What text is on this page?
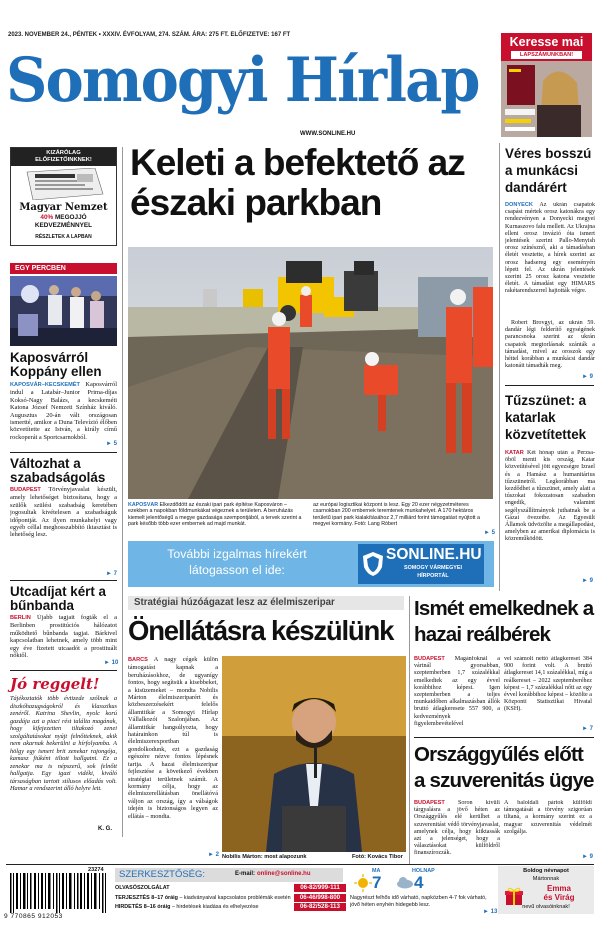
2023. NOVEMBER 24., PÉNTEK • XXXIV. ÉVFOLYAM, 274. SZÁM. ÁRA: 275 FT. ELŐFIZETVE: 167 FT
Somogyi Hírlap
WWW.SONLINE.HU
Keresse mai
LAPSZÁMUNKBAN!
KIZÁRÓLAG
ELŐFIZETŐINKNEK!
Magyar Nemzet
40% MEGOJJÓ
KEDVEZMÉNNYEL
RÉSZLETEK A LAPBAN
EGY PERCBEN
Kaposvárról Koppány ellen
KAPOSVÁR–KECSKEMÉT Kaposvárról indul a Latabár–Junior Prima-díjas Koksó-Nagy Balázs, a kecskeméti Katona József Nemzeti Színház kiváló. Augusztus 20-án vált országosan ismertté, amikor a Duna Televízió élőben közvetítette az István, a király című rockoperát a Sportcsarnokból.
► 5
Változhat a szabadságolás
BUDAPEST Törvényjavaslat készült, amely lehetőséget biztosítana, hogy a szülők szülési szabadság keretében jogosultak kivételesen a szabadságuk időpontját. Az ilyen munkahelyi vagy egyéb céllal meghosszabbító iktasztást is lehetőség lesz.
► 7
Utcadíjat kért a bűnbanda
BERLIN Újabb tagjait fogták el a Berlinben prostitúciós hálózatot működtető bűnbanda tagjai. Bárkivel kapcsolatban lehetnek, amely több mint egy éve fizetett utcaadót a prostituált nőktől.
► 10
Jó reggelt!
Tájékoztatók több évtizede szólnak a diszkóhazugságokról és klasszikus zenéről. Katrina Shevlin, nyolc korú gazdája azt a piaci rést találta magának, hogy kifejezetten tiltakozó zenei szolgáltatásokat nyújt felnőtteknek, akik nem akarnak bekerülni a hírfolyamba. A hölgy egy ismert brit zenekar rajongója, kamasz fiúként tiltott hallgatni. Ez a zenekar ma is népszerű, sok felnőtt hallgatja. Egy igazi vidéki, kiváló társaságban tartott stílusos előadás volt. Hamar a rendszerint álló helyre lett.
K. G.
Keleti a befektető az északi parkban
KAPOSVÁR Elkezdődött az északi ipari park építése Kaposváron – ezekben a napokban földmunkákat végeznek a területen. A beruházás kiemelt jelentőségű a megye gazdasága szempontjából, a tervek szerint a park később több ezer embernek ad majd munkát.
az európai logisztikai központ is lesz. Egy 20 ezer négyzetméteres csarnokban 200 embernek teremtenek munkahelyet. A 170 hektáros területű ipari park kialakításához 2,7 milliárd forint támogatást nyújtott a megyei kormány. Fotó: Lang Róbert
► 5
További izgalmas hírekért
látogasson el ide:
SONLINE.HU
SOMOGY VÁRMEGYEI
HÍRPORTÁL
Stratégiai húzóágazat lesz az élelmiszeripar
Önellátásra készülünk
BARCS A nagy cégek külön támogatást kapnak a beruházásokhoz, de ugyanígy fontos, hogy segítsük a kisebbeket, a kisüzemeket – mondta Nobilis Márton élelmiszeriparért és közbeszerzésekért felelős államtitkár a Somogyi Hírlap Vállalkozói Szalonjában. Az államtitkár hangsúlyozta, hogy határainkon túl is élelmiszerexportban gondolkodunk, ezt a gazdaság egészére nézve fontos lépésnek tartja. A hazai élelmiszeripar fejlesztése a következő években stratégiai területnek számít. A kormány célja, hogy az élelmiszerellátásban önellátóvá váljon az ország, így a válságok idején is biztonságos legyen az ellátás – mondta.
► 2 Nobilis Márton: most alapozunk	Fotó: Kovács Tibor
Ismét emelkednek a hazai reálbérek
BUDAPEST Magánfoknál a vártnál gyorsabban, szeptemberben 1,7 százalékkal emelkedtek az egy évvel korábbihoz képest. Igen szeptemberben a teljes munkaidőben alkalmazásban állók bruttó átlagkeresete 557 900, a kedvezmények figyelembevételével
vel számolt nettó átlagkereset 384 900 forint volt. A bruttó átlagkereset 14,1 százalékkal, míg a reálkereset – 2022 szeptemberéhez képest – 1,7 százalékkal nőtt az egy évvel korábbihoz képest – közölte a Központi Statisztikai Hivatal (KSH).
► 7
Országgyűlés előtt a szuverenitás ügye
BUDAPEST Soron kívüli tárgyalásra a jövő héten az Országgyűlés elé kerülhet a szuverenitást védő törvényjavaslat, amelynek célja, hogy kiiktassák azt a jelenséget, hogy a választásokat külföldről finanszírozzák.
A baloldali pártok külföldi támogatását a törvény szigorúan tiltaná, a kormány szerint ez a magyar szuverenitás védelmét szolgálja.
► 9
Véres bosszú a munkácsi dandárért
DONYECK Az ukrán csapatok csapást mértek orosz katonákra egy rendezvényen a Donyecki megyei Kurnaszovo falu mellett. Az Ukrajna elleni orosz invázió óta ismert jelentések szerint Pallo-Menyish orosz színésznő, aki a támadásban életét vesztette, a hírek szerint az orosz hadsereg egy eseményén lépett fel. Az ukrán jelentések szerint 25 orosz katona vesztette életét. A támadást egy HIMARS rakétarendszerrel hajtották végre.
Robert Brovgyi, az ukrán 59. dandár légi felderítő egységének parancsnoka szerint az ukrán csapatok megtorlásnak szánták a támadást, mivel az oroszok egy héttel korábban a munkácsi dandár katonáit támadták meg.
► 9
Tűzszünet: a katarlak közvetítettek
KATAR Két hónap után a Perzsa-öböl menti kis ország, Katar közvetítésével jött egyezségre Izrael és a Hamász a humanitárius tűzszünetről. Legkorábban ma kezdődhet a tűzszünet, amely alatt a túszokat fokozatosan szabadon engedik, valamint segélyszállítmányok juthatnak be a Gázai övezetbe. Az Egyesült Államok üdvözölte a megállapodást, amelyben az amerikai diplomácia is közreműködött.
► 9
23274
9 770865 912053
SZERKESZTŐSÉG:	E-mail: online@sonline.hu
OLVASÓSZOLGÁLAT
TERJESZTÉS 8–17 óráig – kiadványaival kapcsolatos problémák esetén
HIRDETÉS 8–16 óráig – hirdetések kiadása és elhelyezése
06-82/999-111
06-46/998-800
06-82/528-113
MA
7
HOLNAP
4
Nagyrészt felhős idő várható, napközben 4-7 fok várható, jövő héten enyhén hidegebb lesz.
► 13
Boldog névnapot
Mártonnak
Emma
és Virág
nevű olvasóinknak!
